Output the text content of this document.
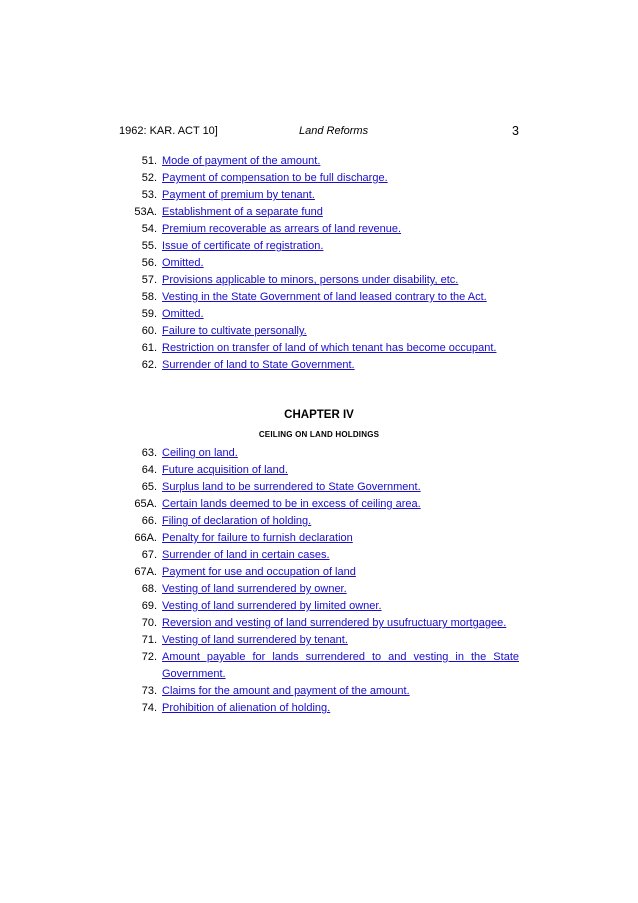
1962: KAR. ACT 10]	Land Reforms	3
51. Mode of payment of the amount.
52. Payment of compensation to be full discharge.
53. Payment of premium by tenant.
53A. Establishment of a separate fund
54. Premium recoverable as arrears of land revenue.
55. Issue of certificate of registration.
56. Omitted.
57. Provisions applicable to minors, persons under disability, etc.
58. Vesting in the State Government of land leased contrary to the Act.
59. Omitted.
60. Failure to cultivate personally.
61. Restriction on transfer of land of which tenant has become occupant.
62. Surrender of land to State Government.
CHAPTER IV
CEILING ON LAND HOLDINGS
63. Ceiling on land.
64. Future acquisition of land.
65. Surplus land to be surrendered to State Government.
65A. Certain lands deemed to be in excess of ceiling area.
66. Filing of declaration of holding.
66A. Penalty for failure to furnish declaration
67. Surrender of land in certain cases.
67A. Payment for use and occupation of land
68. Vesting of land surrendered by owner.
69. Vesting of land surrendered by limited owner.
70. Reversion and vesting of land surrendered by usufructuary mortgagee.
71. Vesting of land surrendered by tenant.
72. Amount payable for lands surrendered to and vesting in the State Government.
73. Claims for the amount and payment of the amount.
74. Prohibition of alienation of holding.
